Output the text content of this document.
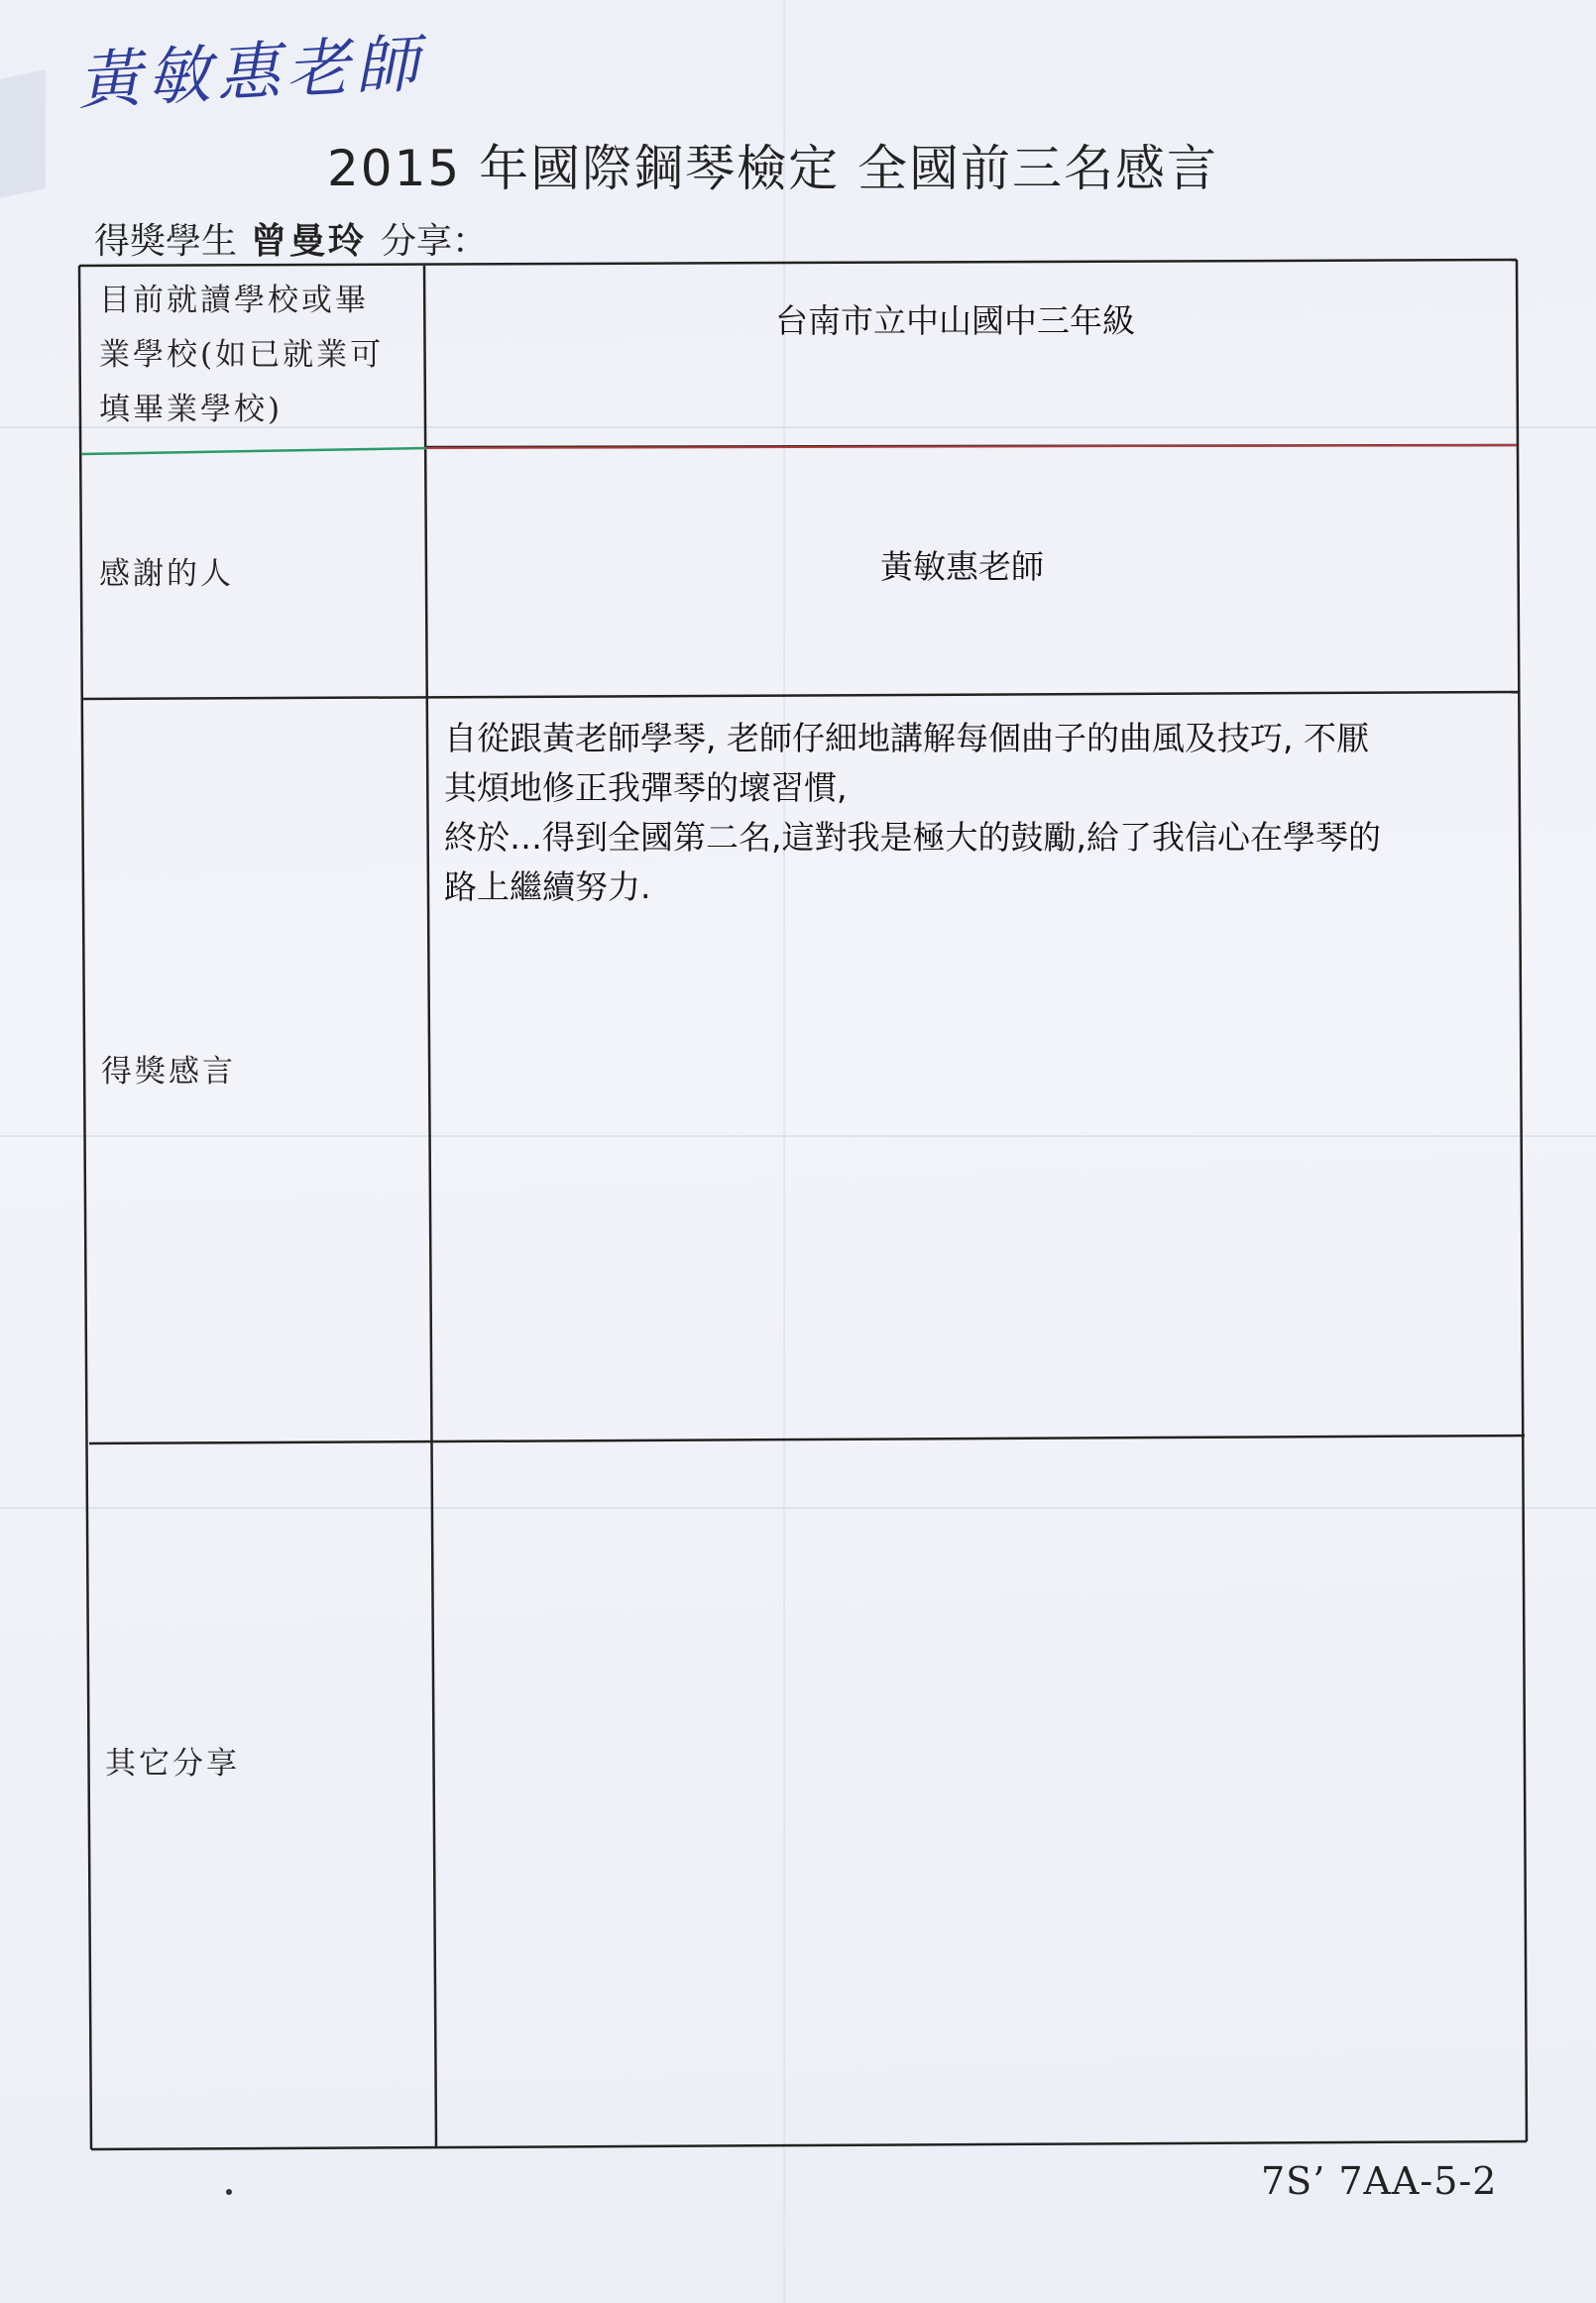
黃敏惠老師
2015 年國際鋼琴檢定 全國前三名感言
得獎學生 曾曼玲 分享：
目前就讀學校或畢
業學校(如已就業可
填畢業學校)
台南市立中山國中三年級
感謝的人	黃敏惠老師
得獎感言
自從跟黃老師學琴, 老師仔細地講解每個曲子的曲風及技巧, 不厭
其煩地修正我彈琴的壞習慣,
終於…得到全國第二名,這對我是極大的鼓勵,給了我信心在學琴的
路上繼續努力.
其它分享
7S’ 7AA-5-2
